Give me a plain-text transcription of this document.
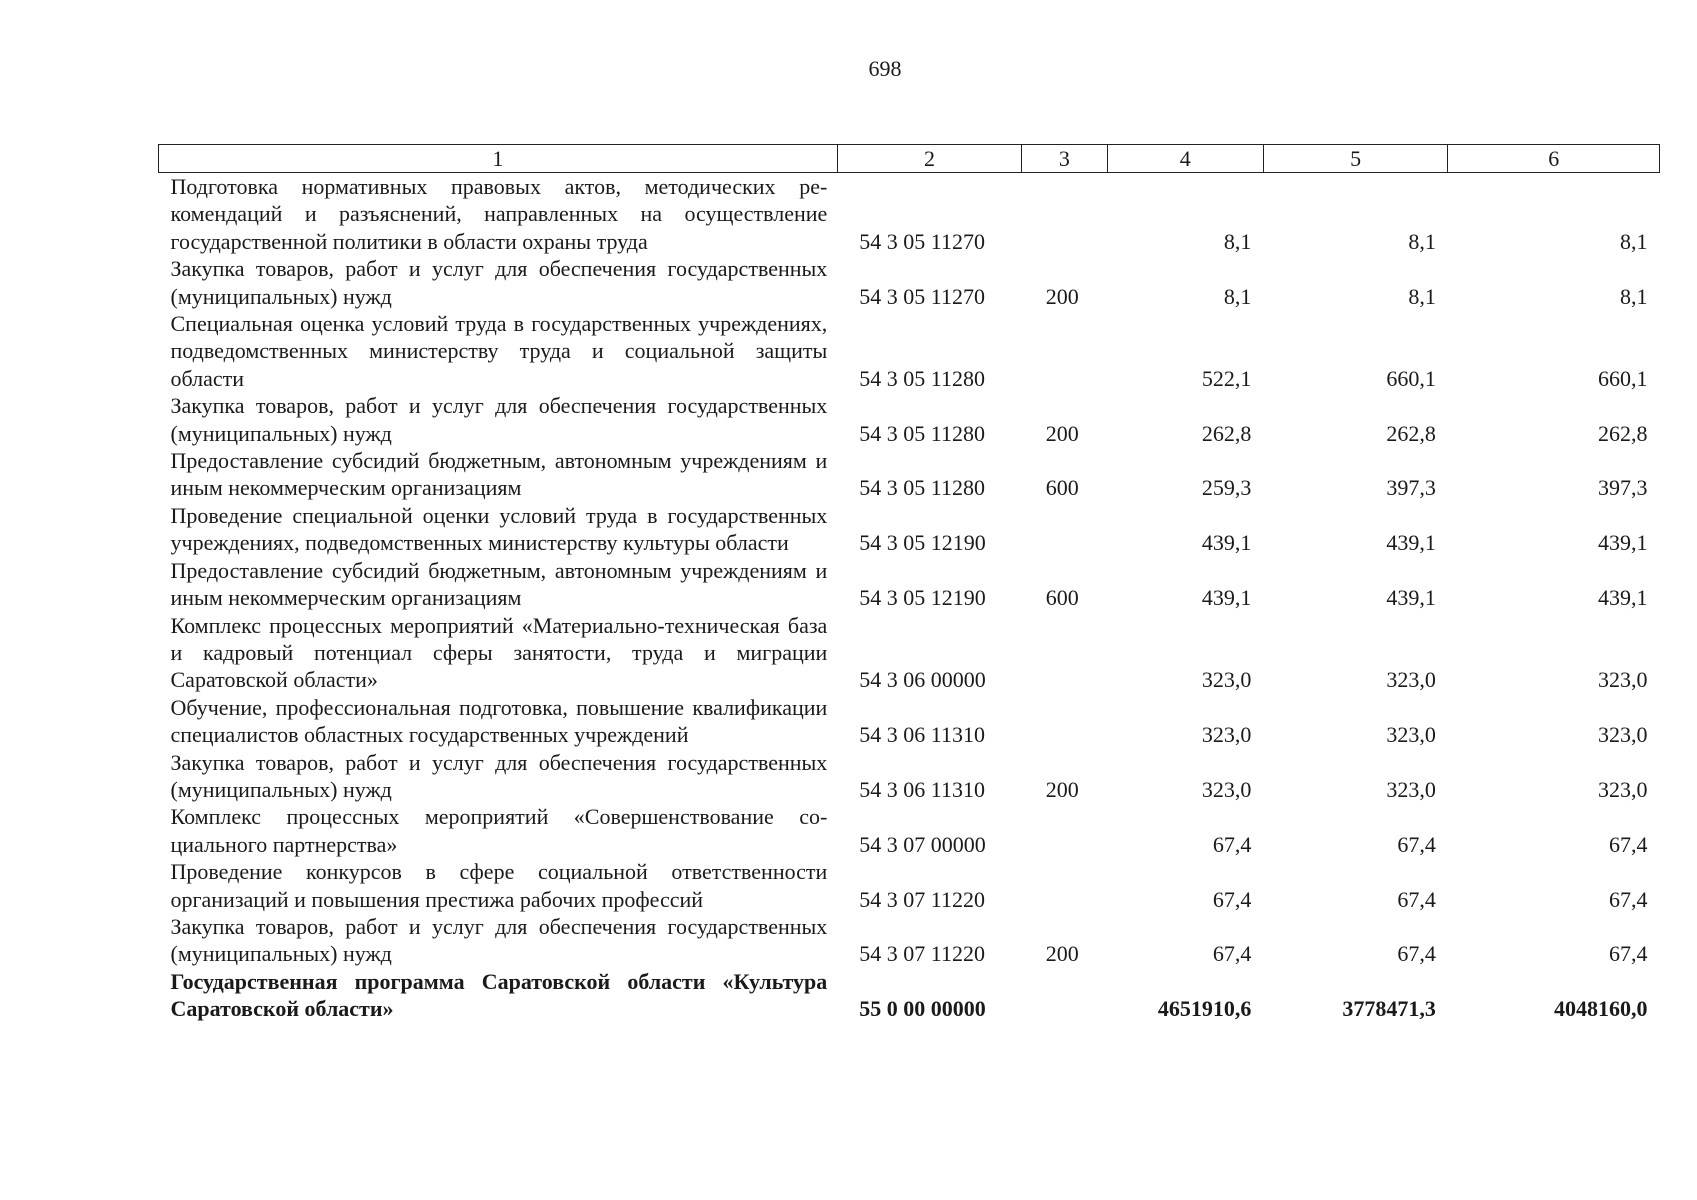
698
1	2	3	4	5	6
Подготовка нормативных правовых актов, методических рекомендаций и разъяснений, направленных на осуществление государственной политики в области охраны труда	54 3 05 11270		8,1	8,1	8,1
Закупка товаров, работ и услуг для обеспечения государственных (муниципальных) нужд	54 3 05 11270	200	8,1	8,1	8,1
Специальная оценка условий труда в государственных учреждениях, подведомственных министерству труда и социальной защиты области	54 3 05 11280		522,1	660,1	660,1
Закупка товаров, работ и услуг для обеспечения государственных (муниципальных) нужд	54 3 05 11280	200	262,8	262,8	262,8
Предоставление субсидий бюджетным, автономным учреждениям и иным некоммерческим организациям	54 3 05 11280	600	259,3	397,3	397,3
Проведение специальной оценки условий труда в государственных учреждениях, подведомственных министерству культуры области	54 3 05 12190		439,1	439,1	439,1
Предоставление субсидий бюджетным, автономным учреждениям и иным некоммерческим организациям	54 3 05 12190	600	439,1	439,1	439,1
Комплекс процессных мероприятий «Материально-техническая база и кадровый потенциал сферы занятости, труда и миграции Саратовской области»	54 3 06 00000		323,0	323,0	323,0
Обучение, профессиональная подготовка, повышение квалификации специалистов областных государственных учреждений	54 3 06 11310		323,0	323,0	323,0
Закупка товаров, работ и услуг для обеспечения государственных (муниципальных) нужд	54 3 06 11310	200	323,0	323,0	323,0
Комплекс процессных мероприятий «Совершенствование социального партнерства»	54 3 07 00000		67,4	67,4	67,4
Проведение конкурсов в сфере социальной ответственности организаций и повышения престижа рабочих профессий	54 3 07 11220		67,4	67,4	67,4
Закупка товаров, работ и услуг для обеспечения государственных (муниципальных) нужд	54 3 07 11220	200	67,4	67,4	67,4
Государственная программа Саратовской области «Культура Саратовской области»	55 0 00 00000		4651910,6	3778471,3	4048160,0
